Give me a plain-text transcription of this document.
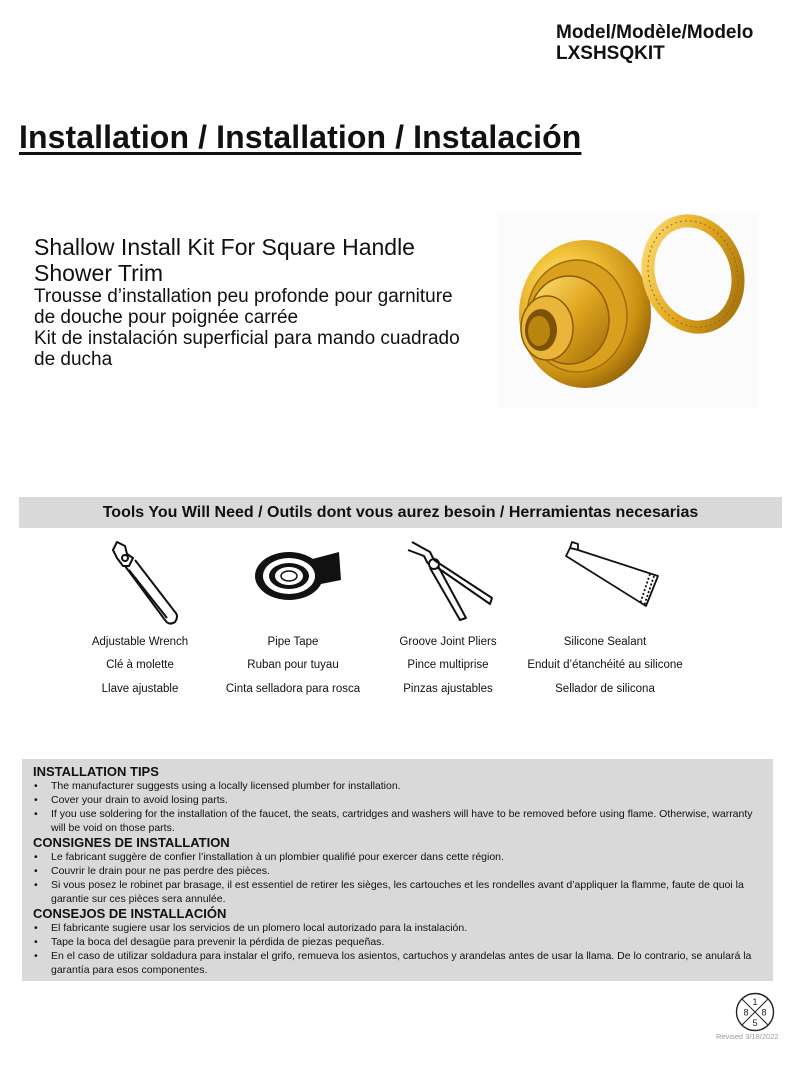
Model/Modèle/Modelo
LXSHSQKIT
Installation / Installation / Instalación
Shallow Install Kit For Square Handle
Shower Trim
Trousse d’installation peu profonde pour garniture
de douche pour poignée carrée
Kit de instalación superficial para mando cuadrado
de ducha
Tools You Will Need / Outils dont vous aurez besoin / Herramientas necesarias
Adjustable Wrench
Clé à molette
Llave ajustable
Pipe Tape
Ruban pour tuyau
Cinta selladora para rosca
Groove Joint Pliers
Pince multiprise
Pinzas ajustables
Silicone Sealant
Enduit d’étanchéité au silicone
Sellador de silicona
INSTALLATION TIPS
• The manufacturer suggests using a locally licensed plumber for installation.
• Cover your drain to avoid losing parts.
• If you use soldering for the installation of the faucet, the seats, cartridges and washers will have to be removed before using flame. Otherwise, warranty will be void on those parts.
CONSIGNES DE INSTALLATION
• Le fabricant suggère de confier l’installation à un plombier qualifié pour exercer dans cette région.
• Couvrir le drain pour ne pas perdre des pièces.
• Si vous posez le robinet par brasage, il est essentiel de retirer les sièges, les cartouches et les rondelles avant d’appliquer la flamme, faute de quoi la garantie sur ces pièces sera annulée.
CONSEJOS DE INSTALLACIÓN
• El fabricante sugiere usar los servicios de un plomero local autorizado para la instalación.
• Tape la boca del desagüe para prevenir la pérdida de piezas pequeñas.
• En el caso de utilizar soldadura para instalar el grifo, remueva los asientos, cartuchos y arandelas antes de usar la llama. De lo contrario, se anulará la garantía para esos componentes.
1
8 8
5
Revised 3/18/2022
